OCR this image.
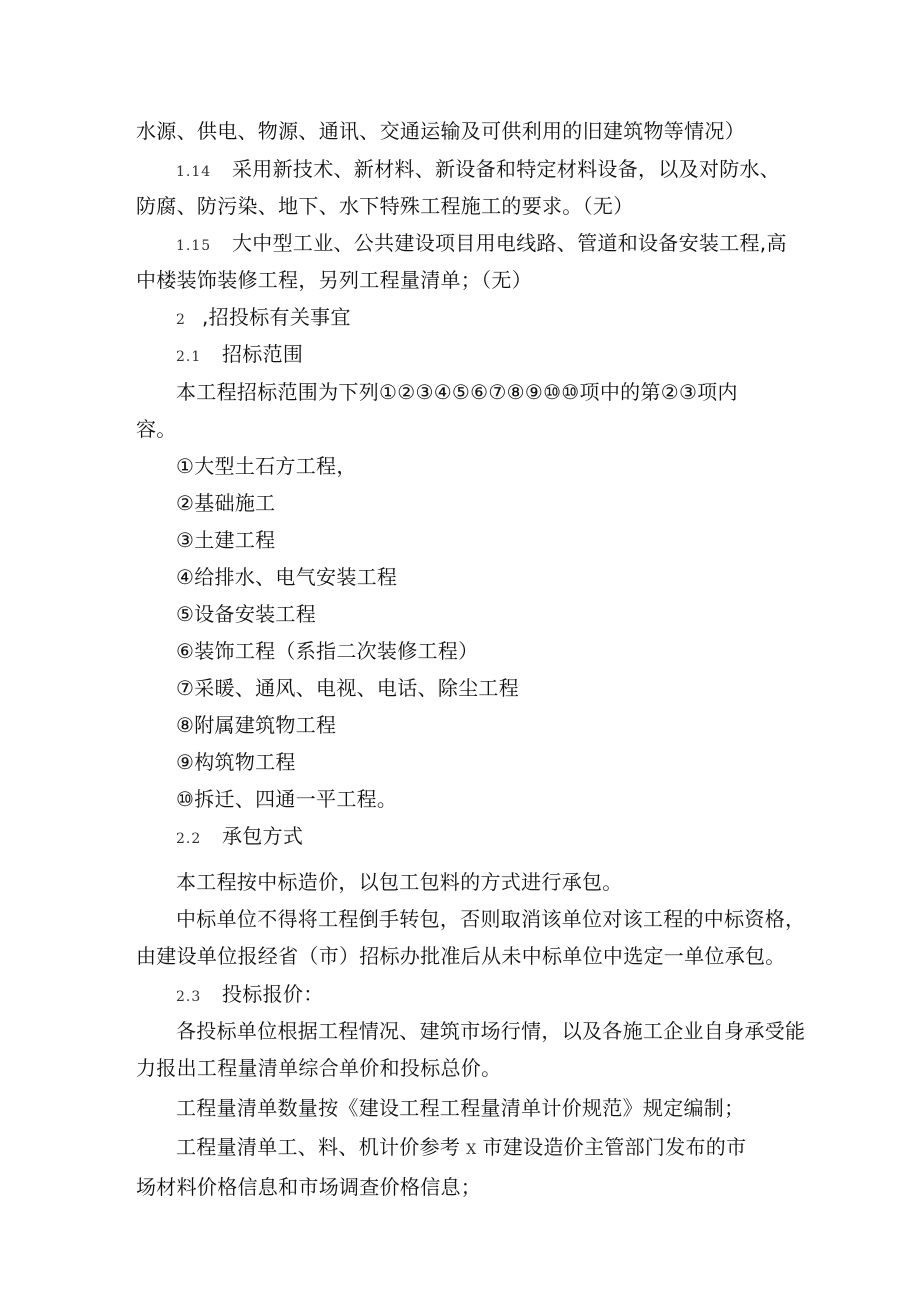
水源、供电、物源、通讯、交通运输及可供利用的旧建筑物等情况）
1.14 采用新技术、新材料、新设备和特定材料设备，以及对防水、
防腐、防污染、地下、水下特殊工程施工的要求。（无）
1.15 大中型工业、公共建设项目用电线路、管道和设备安装工程,高
中楼装饰装修工程，另列工程量清单；（无）
2 ,招投标有关事宜
2.1 招标范围
本工程招标范围为下列①②③④⑤⑥⑦⑧⑨⑩⑩项中的第②③项内
容。
①大型土石方工程，
②基础施工
③土建工程
④给排水、电气安装工程
⑤设备安装工程
⑥装饰工程（系指二次装修工程）
⑦采暖、通风、电视、电话、除尘工程
⑧附属建筑物工程
⑨构筑物工程
⑩拆迁、四通一平工程。
2.2 承包方式
本工程按中标造价，以包工包料的方式进行承包。
中标单位不得将工程倒手转包，否则取消该单位对该工程的中标资格，
由建设单位报经省（市）招标办批准后从未中标单位中选定一单位承包。
2.3 投标报价：
各投标单位根据工程情况、建筑市场行情，以及各施工企业自身承受能
力报出工程量清单综合单价和投标总价。
工程量清单数量按《建设工程工程量清单计价规范》规定编制；
工程量清单工、料、机计价参考 X 市建设造价主管部门发布的市
场材料价格信息和市场调查价格信息；
